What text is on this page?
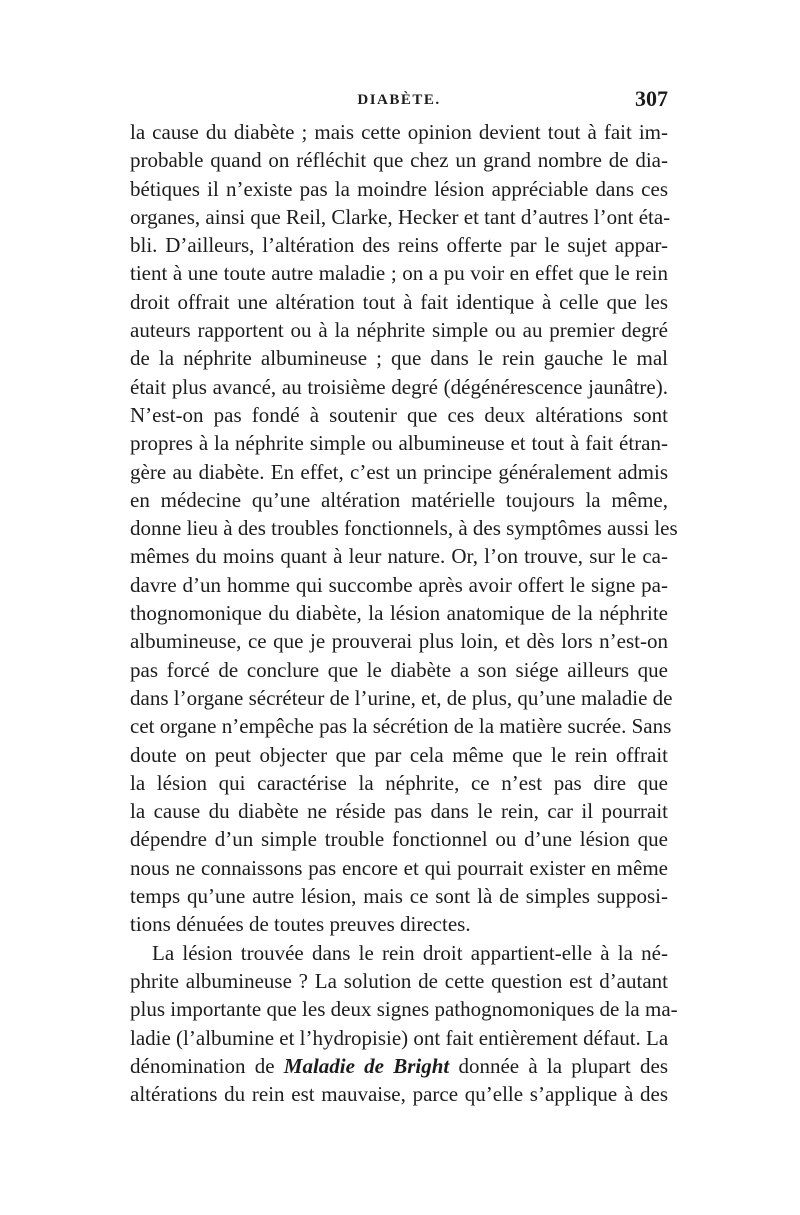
DIABÈTE.	307
la cause du diabète ; mais cette opinion devient tout à fait im-
probable quand on réfléchit que chez un grand nombre de dia-
bétiques il n’existe pas la moindre lésion appréciable dans ces
organes, ainsi que Reil, Clarke, Hecker et tant d’autres l’ont éta-
bli. D’ailleurs, l’altération des reins offerte par le sujet appar-
tient à une toute autre maladie ; on a pu voir en effet que le rein
droit offrait une altération tout à fait identique à celle que les
auteurs rapportent ou à la néphrite simple ou au premier degré
de la néphrite albumineuse ; que dans le rein gauche le mal
était plus avancé, au troisième degré (dégénérescence jaunâtre).
N’est-on pas fondé à soutenir que ces deux altérations sont
propres à la néphrite simple ou albumineuse et tout à fait étran-
gère au diabète. En effet, c’est un principe généralement admis
en médecine qu’une altération matérielle toujours la même,
donne lieu à des troubles fonctionnels, à des symptômes aussi les
mêmes du moins quant à leur nature. Or, l’on trouve, sur le ca-
davre d’un homme qui succombe après avoir offert le signe pa-
thognomonique du diabète, la lésion anatomique de la néphrite
albumineuse, ce que je prouverai plus loin, et dès lors n’est-on
pas forcé de conclure que le diabète a son siége ailleurs que
dans l’organe sécréteur de l’urine, et, de plus, qu’une maladie de
cet organe n’empêche pas la sécrétion de la matière sucrée. Sans
doute on peut objecter que par cela même que le rein offrait
la lésion qui caractérise la néphrite, ce n’est pas dire que
la cause du diabète ne réside pas dans le rein, car il pourrait
dépendre d’un simple trouble fonctionnel ou d’une lésion que
nous ne connaissons pas encore et qui pourrait exister en même
temps qu’une autre lésion, mais ce sont là de simples supposi-
tions dénuées de toutes preuves directes.
La lésion trouvée dans le rein droit appartient-elle à la né-
phrite albumineuse ? La solution de cette question est d’autant
plus importante que les deux signes pathognomoniques de la ma-
ladie (l’albumine et l’hydropisie) ont fait entièrement défaut. La
dénomination de Maladie de Bright donnée à la plupart des
altérations du rein est mauvaise, parce qu’elle s’applique à des
